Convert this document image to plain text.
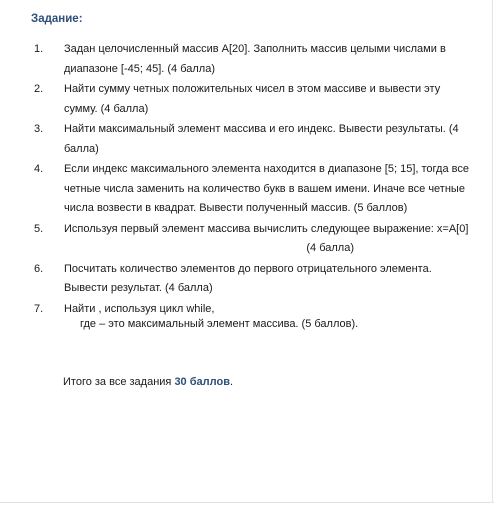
Задание:
1.	Задан целочисленный массив A[20]. Заполнить массив целыми числами в
диапазоне [-45; 45]. (4 балла)
2.	Найти сумму четных положительных чисел в этом массиве и вывести эту
сумму. (4 балла)
3.	Найти максимальный элемент массива и его индекс. Вывести результаты. (4
балла)
4.	Если индекс максимального элемента находится в диапазоне [5; 15], тогда все
четные числа заменить на количество букв в вашем имени. Иначе все четные
числа возвести в квадрат. Вывести полученный массив. (5 баллов)
5.	Используя первый элемент массива вычислить следующее выражение: x=A[0]
(4 балла)
6.	Посчитать количество элементов до первого отрицательного элемента.
Вывести результат. (4 балла)
7.	Найти , используя цикл while,
где – это максимальный элемент массива. (5 баллов).
Итого за все задания 30 баллов.
